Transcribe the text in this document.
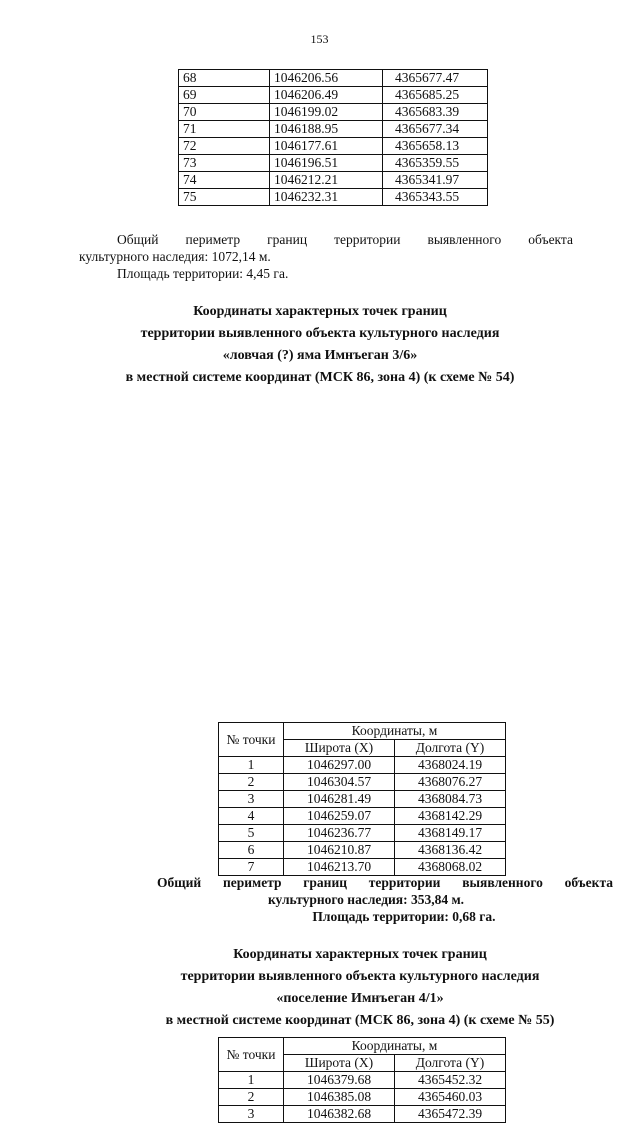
153
68	1046206.56	4365677.47
69	1046206.49	4365685.25
70	1046199.02	4365683.39
71	1046188.95	4365677.34
72	1046177.61	4365658.13
73	1046196.51	4365359.55
74	1046212.21	4365341.97
75	1046232.31	4365343.55
Общий периметр границ территории выявленного объекта
культурного наследия: 1072,14 м.
Площадь территории: 4,45 га.
Координаты характерных точек границ
территории выявленного объекта культурного наследия
«ловчая (?) яма Имнъеган 3/6»
в местной системе координат (МСК 86, зона 4) (к схеме № 54)
№ точки	Координаты, м	
	Широта (X)	Долгота (Y)
1	1046297.00	4368024.19
2	1046304.57	4368076.27
3	1046281.49	4368084.73
4	1046259.07	4368142.29
5	1046236.77	4368149.17
6	1046210.87	4368136.42
7	1046213.70	4368068.02
Общий периметр границ территории выявленного объекта
культурного наследия: 353,84 м.
Площадь территории: 0,68 га.
Координаты характерных точек границ
территории выявленного объекта культурного наследия
«поселение Имнъеган 4/1»
в местной системе координат (МСК 86, зона 4) (к схеме № 55)
№ точки	Координаты, м	
	Широта (X)	Долгота (Y)
1	1046379.68	4365452.32
2	1046385.08	4365460.03
3	1046382.68	4365472.39
